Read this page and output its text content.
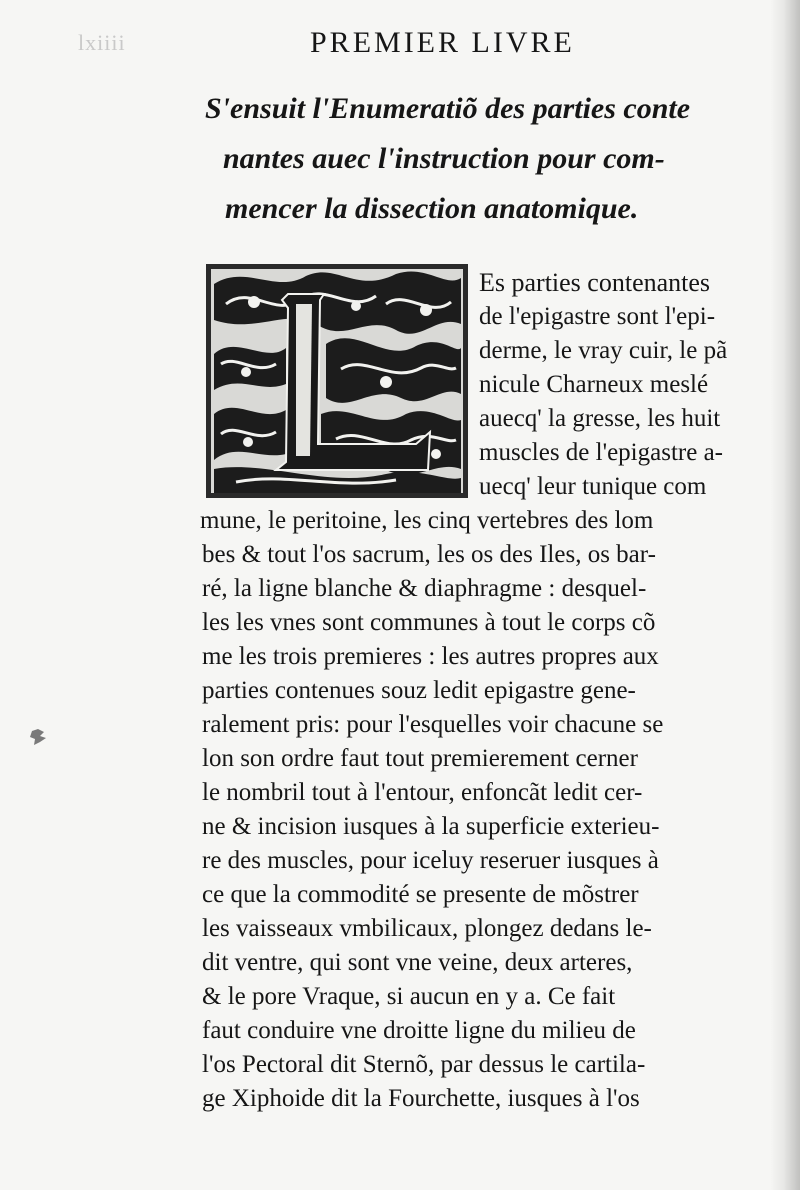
lxiiii	PREMIER LIVRE
S'ensuit l'Enumeratiõ des parties conte
nantes auec l'instruction pour com-
mencer la dissection anatomique.
Es parties contenantes
de l'epigastre sont l'epi-
derme, le vray cuir, le pã
nicule Charneux meslé
auecq' la gresse, les huit
muscles de l'epigastre a-
uecq' leur tunique com
mune, le peritoine, les cinq vertebres des lom
bes & tout l'os sacrum, les os des Iles, os bar-
ré, la ligne blanche & diaphragme : desquel-
les les vnes sont communes à tout le corps cõ
me les trois premieres : les autres propres aux
parties contenues souz ledit epigastre gene-
ralement pris: pour l'esquelles voir chacune se
lon son ordre faut tout premierement cerner
le nombril tout à l'entour, enfoncãt ledit cer-
ne & incision iusques à la superficie exterieu-
re des muscles, pour iceluy reseruer iusques à
ce que la commodité se presente de mõstrer
les vaisseaux vmbilicaux, plongez dedans le-
dit ventre, qui sont vne veine, deux arteres,
& le pore Vraque, si aucun en y a. Ce fait
faut conduire vne droitte ligne du milieu de
l'os Pectoral dit Sternõ, par dessus le cartila-
ge Xiphoide dit la Fourchette, iusques à l'os
